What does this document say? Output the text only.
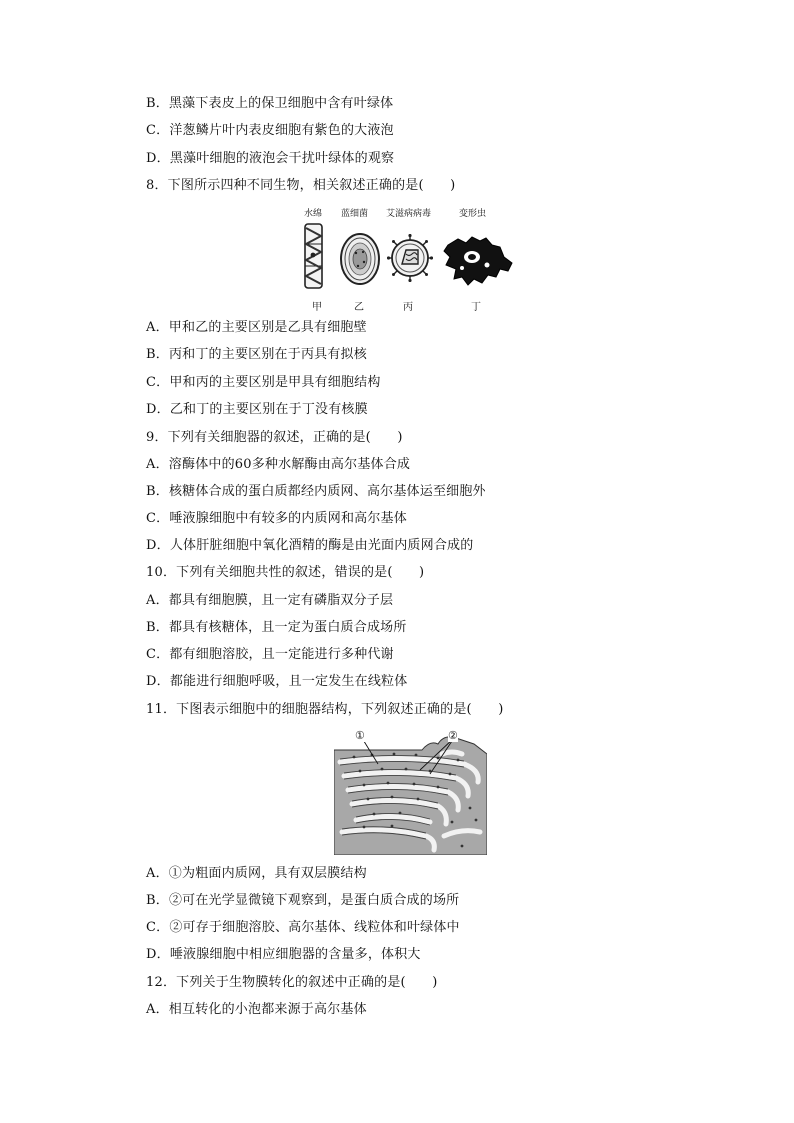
B．黑藻下表皮上的保卫细胞中含有叶绿体
C．洋葱鳞片叶内表皮细胞有紫色的大液泡
D．黑藻叶细胞的液泡会干扰叶绿体的观察
8．下图所示四种不同生物，相关叙述正确的是(　　)
水绵 蓝细菌 艾滋病病毒	变形虫
甲	乙	丙	丁
A．甲和乙的主要区别是乙具有细胞壁
B．丙和丁的主要区别在于丙具有拟核
C．甲和丙的主要区别是甲具有细胞结构
D．乙和丁的主要区别在于丁没有核膜
9．下列有关细胞器的叙述，正确的是(　　)
A．溶酶体中的60多种水解酶由高尔基体合成
B．核糖体合成的蛋白质都经内质网、高尔基体运至细胞外
C．唾液腺细胞中有较多的内质网和高尔基体
D．人体肝脏细胞中氧化酒精的酶是由光面内质网合成的
10．下列有关细胞共性的叙述，错误的是(　　)
A．都具有细胞膜，且一定有磷脂双分子层
B．都具有核糖体，且一定为蛋白质合成场所
C．都有细胞溶胶，且一定能进行多种代谢
D．都能进行细胞呼吸，且一定发生在线粒体
11．下图表示细胞中的细胞器结构，下列叙述正确的是(　　)
①	②
A．①为粗面内质网，具有双层膜结构
B．②可在光学显微镜下观察到，是蛋白质合成的场所
C．②可存于细胞溶胶、高尔基体、线粒体和叶绿体中
D．唾液腺细胞中相应细胞器的含量多，体积大
12．下列关于生物膜转化的叙述中正确的是(　　)
A．相互转化的小泡都来源于高尔基体
